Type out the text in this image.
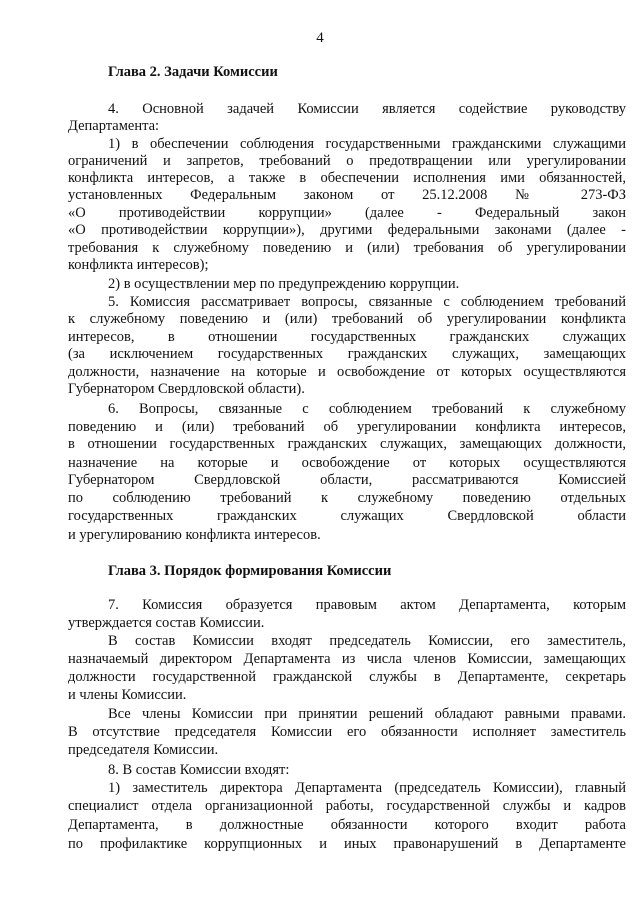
4
Глава 2. Задачи Комиссии
4. Основной задачей Комиссии является содействие руководству
Департамента:
1) в обеспечении соблюдения государственными гражданскими служащими
ограничений и запретов, требований о предотвращении или урегулировании
конфликта интересов, а также в обеспечении исполнения ими обязанностей,
установленных Федеральным законом от 25.12.2008 № 273-ФЗ
«О противодействии коррупции» (далее - Федеральный закон
«О противодействии коррупции»), другими федеральными законами (далее -
требования к служебному поведению и (или) требования об урегулировании
конфликта интересов);
2) в осуществлении мер по предупреждению коррупции.
5. Комиссия рассматривает вопросы, связанные с соблюдением требований
к служебному поведению и (или) требований об урегулировании конфликта
интересов, в отношении государственных гражданских служащих
(за исключением государственных гражданских служащих, замещающих
должности, назначение на которые и освобождение от которых осуществляются
Губернатором Свердловской области).
6. Вопросы, связанные с соблюдением требований к служебному
поведению и (или) требований об урегулировании конфликта интересов,
в отношении государственных гражданских служащих, замещающих должности,
назначение на которые и освобождение от которых осуществляются
Губернатором Свердловской области, рассматриваются Комиссией
по соблюдению требований к служебному поведению отдельных
государственных гражданских служащих Свердловской области
и урегулированию конфликта интересов.
Глава 3. Порядок формирования Комиссии
7. Комиссия образуется правовым актом Департамента, которым
утверждается состав Комиссии.
В состав Комиссии входят председатель Комиссии, его заместитель,
назначаемый директором Департамента из числа членов Комиссии, замещающих
должности государственной гражданской службы в Департаменте, секретарь
и члены Комиссии.
Все члены Комиссии при принятии решений обладают равными правами.
В отсутствие председателя Комиссии его обязанности исполняет заместитель
председателя Комиссии.
8. В состав Комиссии входят:
1) заместитель директора Департамента (председатель Комиссии), главный
специалист отдела организационной работы, государственной службы и кадров
Департамента, в должностные обязанности которого входит работа
по профилактике коррупционных и иных правонарушений в Департаменте
